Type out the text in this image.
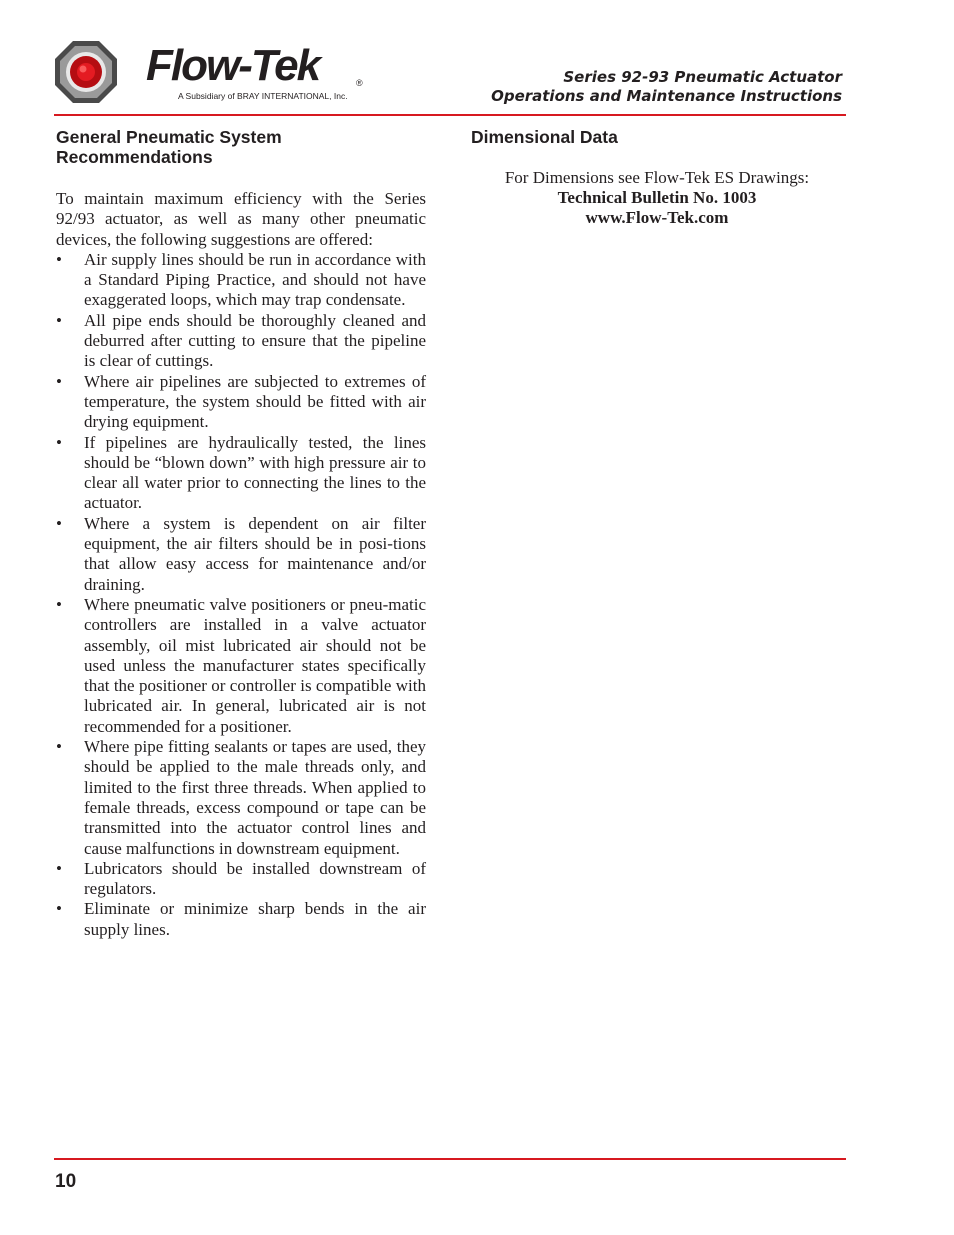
Flow-Tek	®
A Subsidiary of BRAY INTERNATIONAL, Inc.
Series 92-93 Pneumatic Actuator
Operations and Maintenance Instructions
General Pneumatic System
Recommendations

To maintain maximum efficiency with the Series 92/93 actuator, as well as many other pneumatic devices, the following suggestions are offered:

• Air supply lines should be run in accordance with a Standard Piping Practice, and should not have exaggerated loops, which may trap condensate.
• All pipe ends should be thoroughly cleaned and deburred after cutting to ensure that the pipeline is clear of cuttings.
• Where air pipelines are subjected to extremes of temperature, the system should be fitted with air drying equipment.
• If pipelines are hydraulically tested, the lines should be “blown down” with high pressure air to clear all water prior to connecting the lines to the actuator.
• Where a system is dependent on air filter equipment, the air filters should be in posi-tions that allow easy access for maintenance and/or draining.
• Where pneumatic valve positioners or pneu-matic controllers are installed in a valve actuator assembly, oil mist lubricated air should not be used unless the manufacturer states specifically that the positioner or controller is compatible with lubricated air. In general, lubricated air is not recommended for a positioner.
• Where pipe fitting sealants or tapes are used, they should be applied to the male threads only, and limited to the first three threads. When applied to female threads, excess compound or tape can be transmitted into the actuator control lines and cause malfunctions in downstream equipment.
• Lubricators should be installed downstream of regulators.
• Eliminate or minimize sharp bends in the air supply lines.
Dimensional Data
For Dimensions see Flow-Tek ES Drawings:
Technical Bulletin No. 1003
www.Flow-Tek.com
10
